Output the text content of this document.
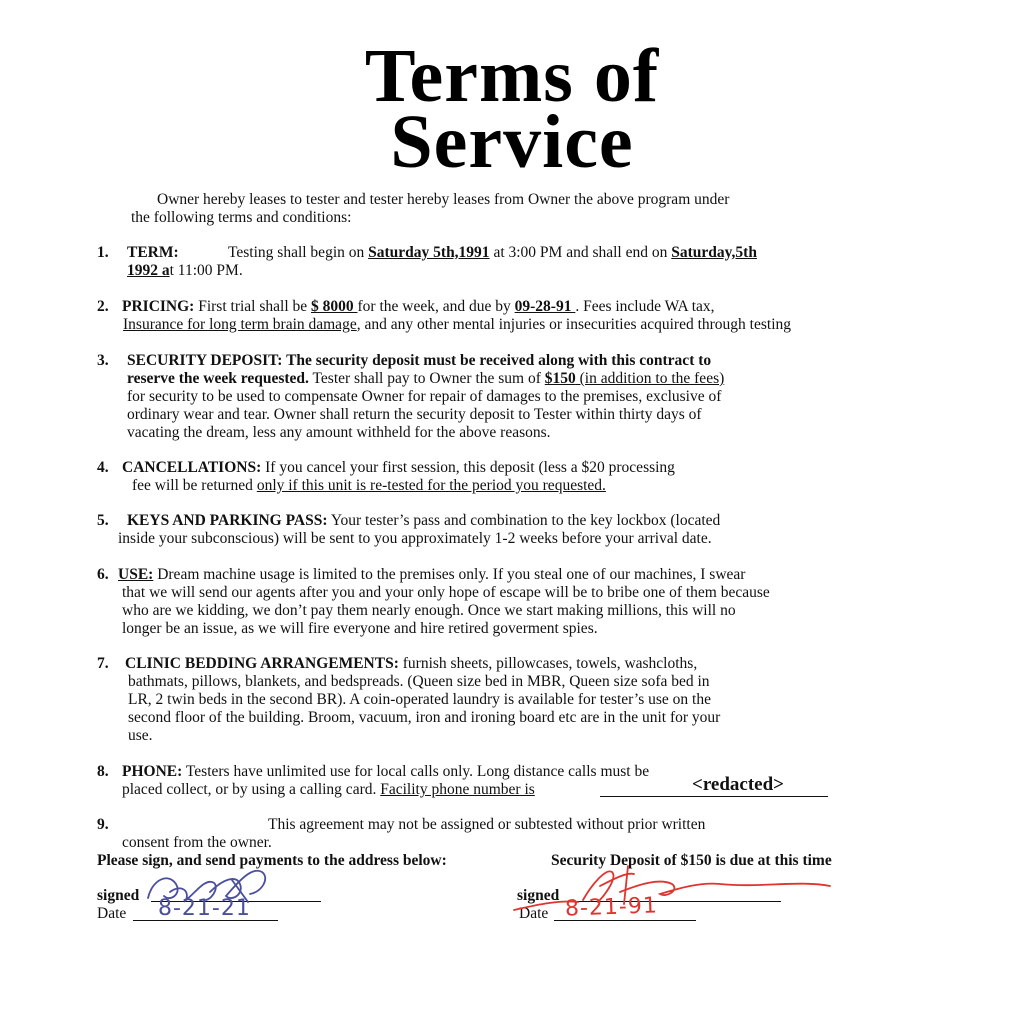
Terms of
Service
Owner hereby leases to tester and tester hereby leases from Owner the above program under
the following terms and conditions:
1. TERM:	Testing shall begin on Saturday 5th,1991 at 3:00 PM and shall end on Saturday,5th
1992 at 11:00 PM.
2. PRICING: First trial shall be $ 8000 for the week, and due by 09-28-91 . Fees include WA tax,
Insurance for long term brain damage, and any other mental injuries or insecurities acquired through testing
3. SECURITY DEPOSIT: The security deposit must be received along with this contract to
reserve the week requested. Tester shall pay to Owner the sum of $150 (in addition to the fees)
for security to be used to compensate Owner for repair of damages to the premises, exclusive of
ordinary wear and tear. Owner shall return the security deposit to Tester within thirty days of
vacating the dream, less any amount withheld for the above reasons.
4. CANCELLATIONS: If you cancel your first session, this deposit (less a $20 processing
fee will be returned only if this unit is re-tested for the period you requested.
5. KEYS AND PARKING PASS: Your tester’s pass and combination to the key lockbox (located
inside your subconscious) will be sent to you approximately 1-2 weeks before your arrival date.
6. USE: Dream machine usage is limited to the premises only. If you steal one of our machines, I swear
that we will send our agents after you and your only hope of escape will be to bribe one of them because
who are we kidding, we don’t pay them nearly enough. Once we start making millions, this will no
longer be an issue, as we will fire everyone and hire retired goverment spies.
7. CLINIC BEDDING ARRANGEMENTS: furnish sheets, pillowcases, towels, washcloths,
bathmats, pillows, blankets, and bedspreads. (Queen size bed in MBR, Queen size sofa bed in
LR, 2 twin beds in the second BR). A coin-operated laundry is available for tester’s use on the
second floor of the building. Broom, vacuum, iron and ironing board etc are in the unit for your
use.
8. PHONE: Testers have unlimited use for local calls only. Long distance calls must be
placed collect, or by using a calling card. Facility phone number is	<redacted>
9.	This agreement may not be assigned or subtested without prior written
consent from the owner.
Please sign, and send payments to the address below:	Security Deposit of $150 is due at this time
signed
Date 8-21-21
signed
Date 8-21-91
